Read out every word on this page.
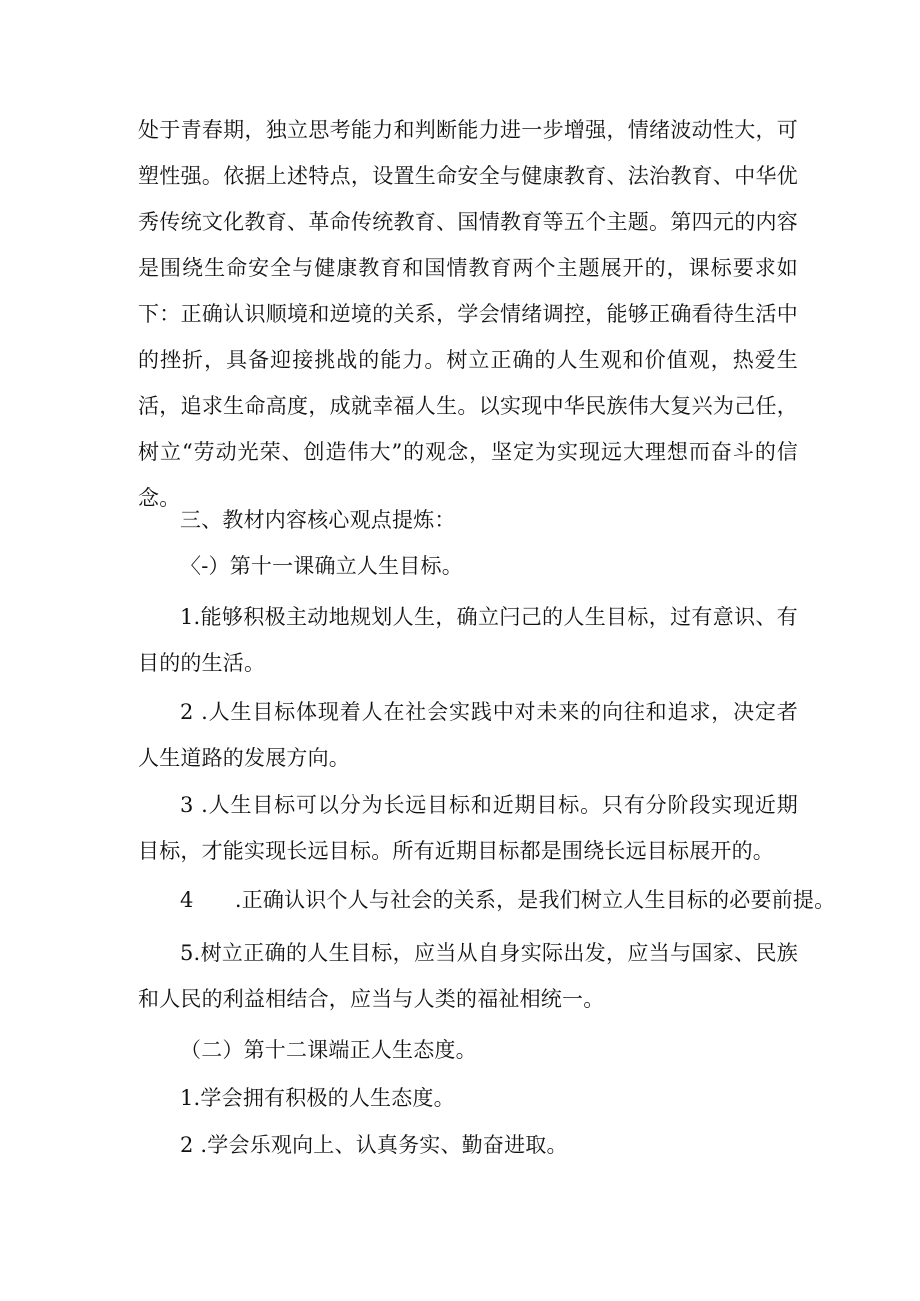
处于青春期，独立思考能力和判断能力进一步增强，情绪波动性大，可塑性强。依据上述特点，设置生命安全与健康教育、法治教育、中华优秀传统文化教育、革命传统教育、国情教育等五个主题。第四元的内容是围绕生命安全与健康教育和国情教育两个主题展开的，课标要求如下：正确认识顺境和逆境的关系，学会情绪调控，能够正确看待生活中的挫折，具备迎接挑战的能力。树立正确的人生观和价值观，热爱生活，追求生命高度，成就幸福人生。以实现中华民族伟大复兴为己任，树立“劳动光荣、创造伟大”的观念，坚定为实现远大理想而奋斗的信念。

三、教材内容核心观点提炼：

〈-）第十一课确立人生目标。

1.能够积极主动地规划人生，确立闩己的人生目标，过有意识、有目的的生活。

2 .人生目标体现着人在社会实践中对未来的向往和追求，决定者人生道路的发展方向。

3 .人生目标可以分为长远目标和近期目标。只有分阶段实现近期目标，才能实现长远目标。所有近期目标都是围绕长远目标展开的。

4      .正确认识个人与社会的关系，是我们树立人生目标的必要前提。

5.树立正确的人生目标，应当从自身实际出发，应当与国家、民族和人民的利益相结合，应当与人类的福祉相统一。

（二）第十二课端正人生态度。

1.学会拥有积极的人生态度。

2 .学会乐观向上、认真务实、勤奋进取。
